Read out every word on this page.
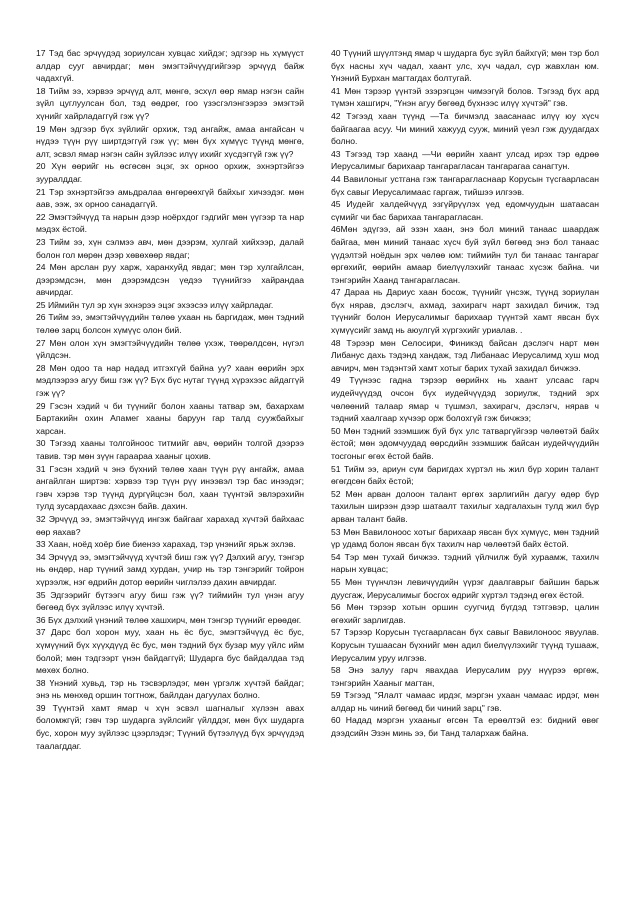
17 Тэд бас эрчүүдэд зориулсан хувцас хийдэг; эдгээр нь хүмүүст алдар сууг авчирдаг; мөн эмэгтэйчүүдгийгээр эрчүүд байж чадахгүй.

18 Тийм ээ, хэрвээ эрчүүд алт, мөнгө, эсхүл өөр ямар нэгэн сайн зүйл цуглуулсан бол, тэд өөдрөг, гоо үзэсгэлэнгээрээ эмэгтэй хүнийг хайрладаггүй гэж үү?

19 Мөн эдгээр бүх зүйлийг орхиж, тэд ангайж, амаа ангайсан ч нүдээ түүн рүү ширтдэггүй гэж үү; мөн бүх хүмүүс түүнд мөнгө, алт, эсвэл ямар нэгэн сайн зүйлээс илүү ихийг хүсдэггүй гэж үү?

20 Хүн өөрийг нь өсгөсөн эцэг, эх орноо орхиж, эхнэртэйгээ зууралддаг.

21 Тэр эхнэртэйгээ амьдралаа өнгөрөөхгүй байхыг хичээдэг. мөн аав, ээж, эх орноо санадаггүй.

22 Эмэгтэйчүүд та нарын дээр ноёрхдог гэдгийг мөн үүгээр та нар мэдэх ёстой.

23 Тийм ээ, хүн сэлмээ авч, мөн дээрэм, хулгай хийхээр, далай болон гол мөрөн дээр хөвөхөөр явдаг;

24 Мөн арслан руу харж, харанхуйд явдаг; мөн тэр хулгайлсан, дээрэмдсэн, мөн дээрэмдсэн үедээ түүнийгээ хайрандаа авчирдаг.

25 Иймийн тул эр хүн эхнэрээ эцэг эхээсээ илүү хайрладаг.

26 Тийм ээ, эмэгтэйчүүдийн төлөө ухаан нь баргидаж, мөн тэдний төлөө зарц болсон хүмүүс олон бий.

27 Мөн олон хүн эмэгтэйчүүдийн төлөө үхэж, төөрөлдсөн, нүгэл үйлдсэн.

28 Мөн одоо та нар надад итгэхгүй байна уу? хаан өөрийн эрх мэдлээрээ агуу биш гэж үү? Бүх бүс нутаг түүнд хүрэхээс айдаггүй гэж үү?

29 Гэсэн хэдий ч би түүнийг болон хааны татвар эм, бахархам Бартакийн охин Апамег хааны баруун гар талд суужбайхыг харсан.

30 Тэгээд хааны толгойноос титмийг авч, өөрийн толгой дээрээ тавив. тэр мөн зүүн гараараа хааныг цохив.

31 Гэсэн хэдий ч энэ бүхний төлөө хаан түүн рүү ангайж, амаа ангайлган ширтэв: хэрвээ тэр түүн рүү инээвэл тэр бас инээдэг; гэвч хэрэв тэр түүнд дургүйцсэн бол, хаан түүнтэй эвлэрэхийн тулд зусардахаас дэхсэн байв. дахин.

32 Эрчүүд ээ, эмэгтэйчүүд ингэж байгааг харахад хүчтэй байхаас өөр яахав?

33 Хаан, ноёд хоёр бие биенээ харахад, тэр үнэнийг ярьж эхлэв.

34 Эрчүүд ээ, эмэгтэйчүүд хүчтэй биш гэж үү? Дэлхий агуу, тэнгэр нь өндөр, нар түүний замд хурдан, учир нь тэр тэнгэрийг тойрон хүрээлж, нэг өдрийн дотор өөрийн чиглэлээ дахин авчирдаг.

35 Эдгээрийг бүтээгч агуу биш гэж үү? тиймийн тул үнэн агуу бөгөөд бүх зүйлээс илүү хүчтэй.

36 Бүх дэлхий үнэний төлөө хашхирч, мөн тэнгэр түүнийг ерөөдөг.

37 Дарс бол хорон муу, хаан нь ёс бус, эмэгтэйчүүд ёс бус, хүмүүний бүх хүүхдүүд ёс бус, мөн тэдний бүх бузар муу үйлс ийм болой; мөн тэдгээрт үнэн байдаггүй; Шударга бус байдалдаа тэд мөхөх болно.

38 Үнэний хувьд, тэр нь тэсвэрлэдэг, мөн үргэлж хүчтэй байдаг; энэ нь мөнхөд оршин тогтнож, байлдан дагуулах болно.

39 Түүнтэй хамт ямар ч хүн эсвэл шагналыг хүлээн авах боломжгүй; гэвч тэр шударга зүйлсийг үйлддэг, мөн бүх шударга бус, хорон муу зүйлээс цээрлэдэг; Түүний бүтээлүүд бүх эрчүүдэд таалагддаг.

40 Түүний шүүлтэнд ямар ч шударга бус зүйл байхгүй; мөн тэр бол бүх насны хүч чадал, хаант улс, хүч чадал, сүр жавхлан юм. Үнэний Бурхан магтагдах болтугай.

41 Мөн тэрээр үүнтэй эзэрэгцэн чимээгүй болов. Тэгээд бүх ард түмэн хашгирч, "Үнэн агуу бөгөөд бүхнээс илүү хүчтэй" гэв.

42 Тэгээд хаан түүнд —Та бичмэлд заасанаас илүү юу хүсч байгаагаа асуу. Чи миний хажууд сууж, миний үеэл гэж дуудагдах болно.

43 Тэгээд тэр хаанд —Чи өөрийн хаант улсад ирэх тэр өдрөө Иерусалимыг барихаар тангарагласан тангарагаа санагтун.

44 Вавилоныг устгана гэж тангарагласнаар Корусын түсгаарласан бүх савыг Иерусалимаас гаргаж, тийшээ илгээв.

45 Иудейг халдейчүүд эзгүйрүүлэх үед едомчуудын шатаасан сүмийг чи бас барихаа тангарагласан.

46Мөн эдүгээ, ай эзэн хаан, энэ бол миний танаас шаардаж байгаа, мөн миний танаас хүсч буй зүйл бөгөөд энэ бол танаас үүдэлтэй ноёдын эрх чөлөө юм: тиймийн тул би танаас тангараг өргөхийг, өөрийн амаар биелүүлэхийг танаас хүсэж байна. чи тэнгэрийн Хаанд тангарагласан.

47 Дараа нь Дариус хаан босож, түүнийг үнсэж, түүнд зориулан бүх нярав, дэслэгч, ахмад, захирагч нарт захидал бичиж, тэд түүнийг болон Иерусалимыг барихаар түүнтэй хамт явсан бүх хүмүүсийг замд нь аюулгүй хүргэхийг уриалав. .

48 Тэрээр мөн Селосири, Финикэд байсан дэслэгч нарт мөн Либанус дахь тэдэнд хандаж, тэд Либанаас Иерусалимд хуш мод авчирч, мөн тэдэнтэй хамт хотыг барих тухай захидал бичжээ.

49 Түүнээс гадна тэрээр өөрийнх нь хаант улсаас гарч иудейчүүдэд очсон бүх иудейчүүдэд зориулж, тэдний эрх чөлөөний талаар ямар ч түшмэл, захирагч, дэслэгч, нярав ч тэдний хаалгаар хүчээр орж болохгүй гэж бичжээ;

50 Мөн тэдний эзэмшиж буй бүх улс татваргүйгээр чөлөөтэй байх ёстой; мөн эдомчуудад өөрсдийн эзэмшиж байсан иудейчүүдийн тосгоныг өгөх ёстой байв.

51 Тийм ээ, ариун сүм баригдах хүртэл нь жил бүр хорин талант өгөгдсөн байх ёстой;

52 Мөн арван долоон талант өргөх зарлигийн дагуу өдөр бүр тахилын ширээн дээр шатаалт тахилыг хадгалахын тулд жил бүр арван талант байв.

53 Мөн Вавилоноос хотыг барихаар явсан бүх хүмүүс, мөн тэдний үр удамд болон явсан бүх тахилч нар чөлөөтэй байх ёстой.

54 Тэр мөн тухай бичжээ. тэдний үйлчилж буй хураамж, тахилч нарын хувцас;

55 Мөн түүнчлэн левичүүдийн үүрэг даалгаврыг байшин барьж дуусгаж, Иерусалимыг босгох өдрийг хүртэл тэдэнд өгөх ёстой.

56 Мөн тэрээр хотын оршин суугчид бүгдэд тэтгэвэр, цалин өгөхийг зарлигдав.

57 Тэрээр Корусын түсгаарласан бүх савыг Вавилоноос явуулав. Корусын тушаасан бүхнийг мөн адил биелүүлэхийг түүнд тушааж, Иерусалим уруу илгээв.

58 Энэ залуу гарч явахдаа Иерусалим руу нүүрээ өргөж, тэнгэрийн Хааныг магтан,

59 Тэгээд "Ялалт чамаас ирдэг, мэргэн ухаан чамаас ирдэг, мөн алдар нь чиний бөгөөд би чиний зарц" гэв.

60 Надад мэргэн ухааныг өгсөн Та ерөөлтэй еэ: бидний өвөг дээдсийн Эзэн минь ээ, би Танд талархаж байна.
